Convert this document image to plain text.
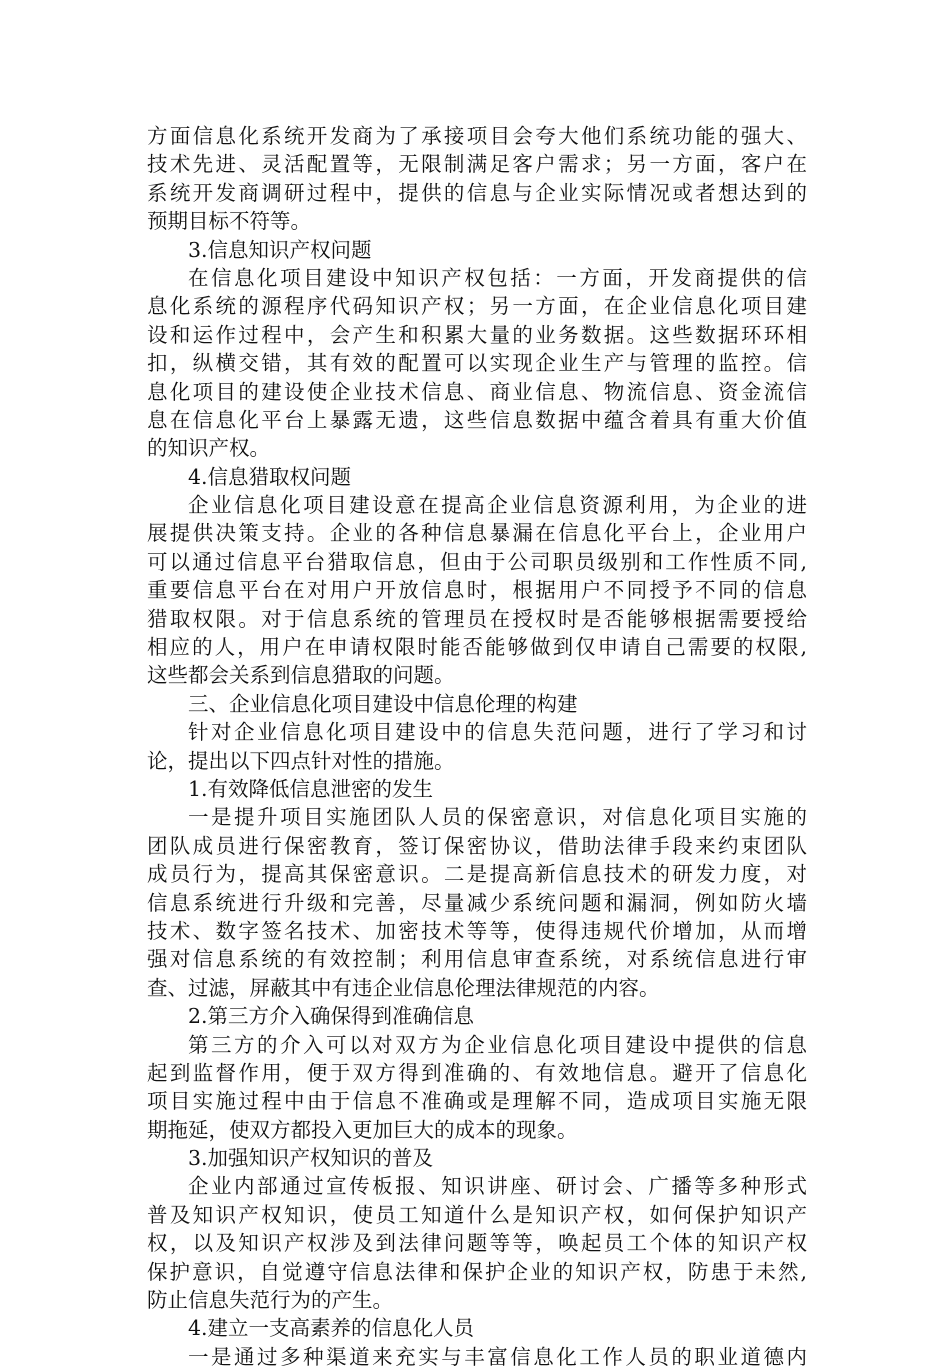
方面信息化系统开发商为了承接项目会夸大他们系统功能的强大、
技术先进、灵活配置等，无限制满足客户需求；另一方面，客户在
系统开发商调研过程中，提供的信息与企业实际情况或者想达到的
预期目标不符等。
3.信息知识产权问题
在信息化项目建设中知识产权包括：一方面，开发商提供的信
息化系统的源程序代码知识产权；另一方面，在企业信息化项目建
设和运作过程中，会产生和积累大量的业务数据。这些数据环环相
扣，纵横交错，其有效的配置可以实现企业生产与管理的监控。信
息化项目的建设使企业技术信息、商业信息、物流信息、资金流信
息在信息化平台上暴露无遗，这些信息数据中蕴含着具有重大价值
的知识产权。
4.信息猎取权问题
企业信息化项目建设意在提高企业信息资源利用，为企业的进
展提供决策支持。企业的各种信息暴漏在信息化平台上，企业用户
可以通过信息平台猎取信息，但由于公司职员级别和工作性质不同,
重要信息平台在对用户开放信息时，根据用户不同授予不同的信息
猎取权限。对于信息系统的管理员在授权时是否能够根据需要授给
相应的人，用户在申请权限时能否能够做到仅申请自己需要的权限,
这些都会关系到信息猎取的问题。
三、企业信息化项目建设中信息伦理的构建
针对企业信息化项目建设中的信息失范问题，进行了学习和讨
论，提出以下四点针对性的措施。
1.有效降低信息泄密的发生
一是提升项目实施团队人员的保密意识，对信息化项目实施的
团队成员进行保密教育，签订保密协议，借助法律手段来约束团队
成员行为，提高其保密意识。二是提高新信息技术的研发力度，对
信息系统进行升级和完善，尽量减少系统问题和漏洞，例如防火墙
技术、数字签名技术、加密技术等等，使得违规代价增加，从而增
强对信息系统的有效控制；利用信息审查系统，对系统信息进行审
查、过滤，屏蔽其中有违企业信息伦理法律规范的内容。
2.第三方介入确保得到准确信息
第三方的介入可以对双方为企业信息化项目建设中提供的信息
起到监督作用，便于双方得到准确的、有效地信息。避开了信息化
项目实施过程中由于信息不准确或是理解不同，造成项目实施无限
期拖延，使双方都投入更加巨大的成本的现象。
3.加强知识产权知识的普及
企业内部通过宣传板报、知识讲座、研讨会、广播等多种形式
普及知识产权知识，使员工知道什么是知识产权，如何保护知识产
权，以及知识产权涉及到法律问题等等，唤起员工个体的知识产权
保护意识，自觉遵守信息法律和保护企业的知识产权，防患于未然,
防止信息失范行为的产生。
4.建立一支高素养的信息化人员
一是通过多种渠道来充实与丰富信息化工作人员的职业道德内
